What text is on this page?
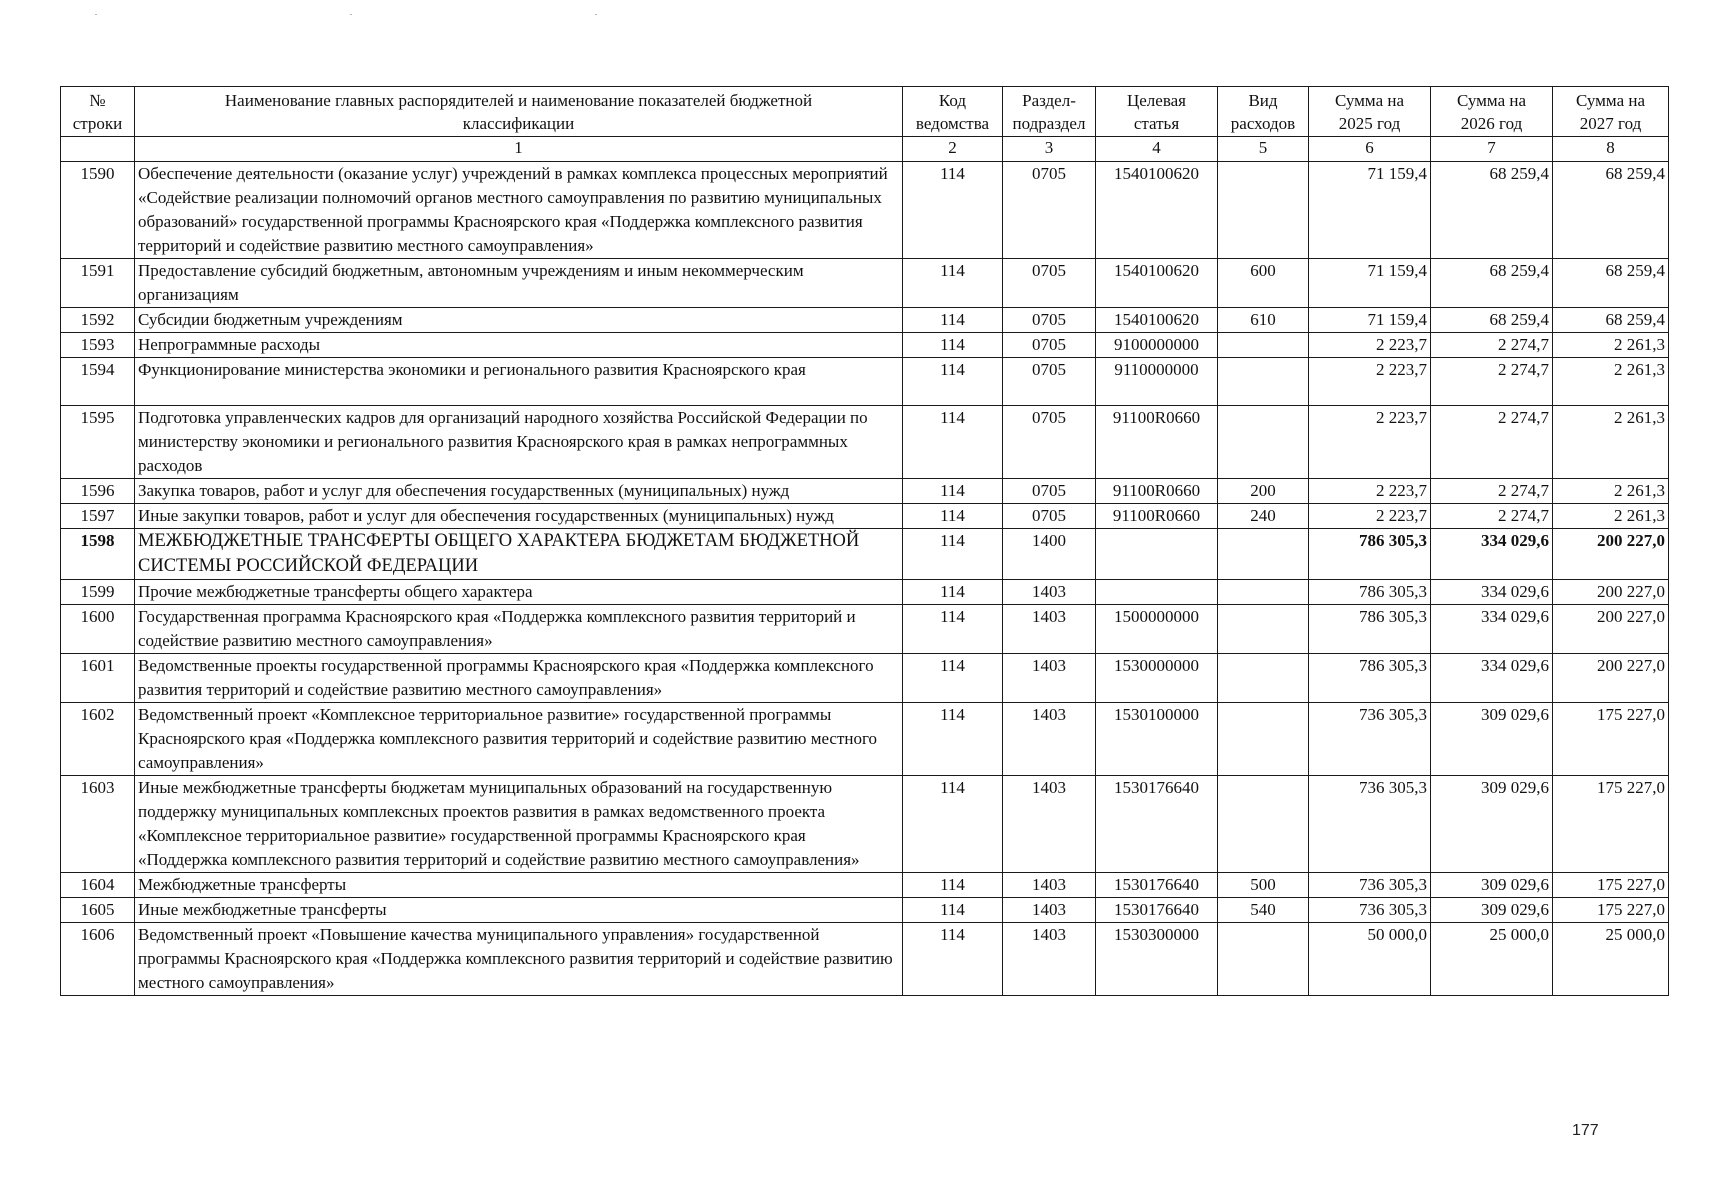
№ строки	Наименование главных распорядителей и наименование показателей бюджетной классификации	Код ведомства	Раздел-подраздел	Целевая статья	Вид расходов	Сумма на 2025 год	Сумма на 2026 год	Сумма на 2027 год
	1	2	3	4	5	6	7	8
1590	Обеспечение деятельности (оказание услуг) учреждений в рамках комплекса процессных мероприятий «Содействие реализации полномочий органов местного самоуправления по развитию муниципальных образований» государственной программы Красноярского края «Поддержка комплексного развития территорий и содействие развитию местного самоуправления»	114	0705	1540100620		71 159,4	68 259,4	68 259,4
1591	Предоставление субсидий бюджетным, автономным учреждениям и иным некоммерческим организациям	114	0705	1540100620	600	71 159,4	68 259,4	68 259,4
1592	Субсидии бюджетным учреждениям	114	0705	1540100620	610	71 159,4	68 259,4	68 259,4
1593	Непрограммные расходы	114	0705	9100000000		2 223,7	2 274,7	2 261,3
1594	Функционирование министерства экономики и регионального развития Красноярского края	114	0705	9110000000		2 223,7	2 274,7	2 261,3
1595	Подготовка управленческих кадров для организаций народного хозяйства Российской Федерации по министерству экономики и регионального развития Красноярского края в рамках непрограммных расходов	114	0705	91100R0660		2 223,7	2 274,7	2 261,3
1596	Закупка товаров, работ и услуг для обеспечения государственных (муниципальных) нужд	114	0705	91100R0660	200	2 223,7	2 274,7	2 261,3
1597	Иные закупки товаров, работ и услуг для обеспечения государственных (муниципальных) нужд	114	0705	91100R0660	240	2 223,7	2 274,7	2 261,3
1598	МЕЖБЮДЖЕТНЫЕ ТРАНСФЕРТЫ ОБЩЕГО ХАРАКТЕРА БЮДЖЕТАМ БЮДЖЕТНОЙ СИСТЕМЫ РОССИЙСКОЙ ФЕДЕРАЦИИ	114	1400			786 305,3	334 029,6	200 227,0
1599	Прочие межбюджетные трансферты общего характера	114	1403			786 305,3	334 029,6	200 227,0
1600	Государственная программа Красноярского края «Поддержка комплексного развития территорий и содействие развитию местного самоуправления»	114	1403	1500000000		786 305,3	334 029,6	200 227,0
1601	Ведомственные проекты государственной программы Красноярского края «Поддержка комплексного развития территорий и содействие развитию местного самоуправления»	114	1403	1530000000		786 305,3	334 029,6	200 227,0
1602	Ведомственный проект «Комплексное территориальное развитие» государственной программы Красноярского края «Поддержка комплексного развития территорий и содействие развитию местного самоуправления»	114	1403	1530100000		736 305,3	309 029,6	175 227,0
1603	Иные межбюджетные трансферты бюджетам муниципальных образований на государственную поддержку муниципальных комплексных проектов развития в рамках ведомственного проекта «Комплексное территориальное развитие» государственной программы Красноярского края «Поддержка комплексного развития территорий и содействие развитию местного самоуправления»	114	1403	1530176640		736 305,3	309 029,6	175 227,0
1604	Межбюджетные трансферты	114	1403	1530176640	500	736 305,3	309 029,6	175 227,0
1605	Иные межбюджетные трансферты	114	1403	1530176640	540	736 305,3	309 029,6	175 227,0
1606	Ведомственный проект «Повышение качества муниципального управления» государственной программы Красноярского края «Поддержка комплексного развития территорий и содействие развитию местного самоуправления»	114	1403	1530300000		50 000,0	25 000,0	25 000,0
177
